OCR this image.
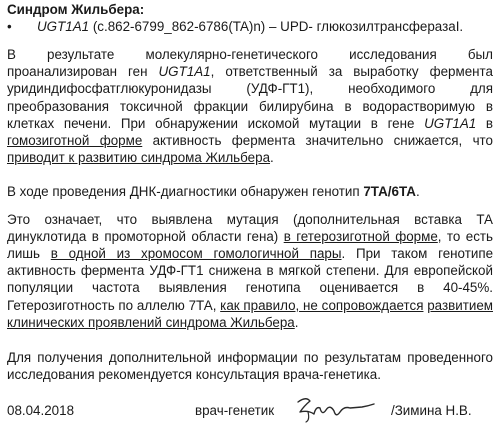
Синдром Жильбера:
•	UGT1A1 (c.862-6799_862-6786(TA)n) – UPD- глюкозилтрансферазаI.

В результате молекулярно-генетического исследования был проанализирован ген UGT1A1, ответственный за выработку фермента уридиндифосфатглюкуронидазы (УДФ-ГТ1), необходимого для преобразования токсичной фракции билирубина в водорастворимую в клетках печени. При обнаружении искомой мутации в гене UGT1A1 в гомозиготной форме активность фермента значительно снижается, что приводит к развитию синдрома Жильбера.

В ходе проведения ДНК-диагностики обнаружен генотип 7ТА/6ТА.

Это означает, что выявлена мутация (дополнительная вставка ТА динуклотида в промоторной области гена) в гетерозиготной форме, то есть лишь в одной из хромосом гомологичной пары. При таком генотипе активность фермента УДФ-ГТ1 снижена в мягкой степени. Для европейской популяции частота выявления генотипа оценивается в 40-45%. Гетерозиготность по аллелю 7ТА, как правило, не сопровождается развитием клинических проявлений синдрома Жильбера.

Для получения дополнительной информации по результатам проведенного исследования рекомендуется консультация врача-генетика.

08.04.2018	врач-генетик	/Зимина Н.В.
